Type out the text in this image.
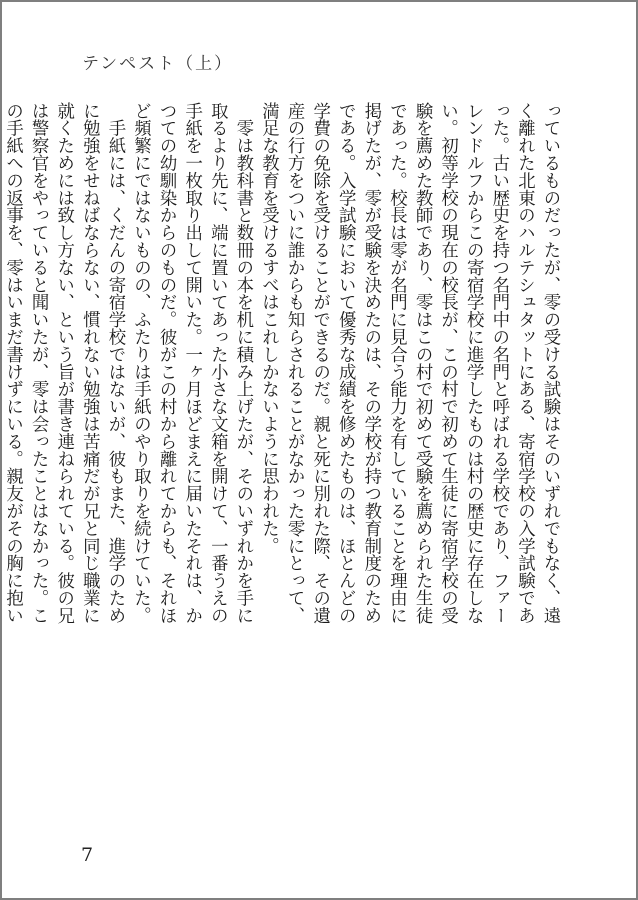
テンペスト（上）

っているものだったが、零の受ける試験はそのいずれでもなく、遠く離れた北東のハルテシュタットにある、寄宿学校の入学試験であった。古い歴史を持つ名門中の名門と呼ばれる学校であり、ファーレンドルフからこの寄宿学校に進学したものは村の歴史に存在しない。初等学校の現在の校長が、この村で初めて生徒に寄宿学校の受験を薦めた教師であり、零はこの村で初めて受験を薦められた生徒であった。校長は零が名門に見合う能力を有していることを理由に掲げたが、零が受験を決めたのは、その学校が持つ教育制度のためである。入学試験において優秀な成績を修めたものは、ほとんどの学費の免除を受けることができるのだ。親と死に別れた際、その遺産の行方をついに誰からも知らされることがなかった零にとって、満足な教育を受けるすべはこれしかないように思われた。

　零は教科書と数冊の本を机に積み上げたが、そのいずれかを手に取るより先に、端に置いてあった小さな文箱を開けて、一番うえの手紙を一枚取り出して開いた。一ヶ月ほどまえに届いたそれは、かつての幼馴染からのものだ。彼がこの村から離れてからも、それほど頻繁にではないものの、ふたりは手紙のやり取りを続けていた。

　手紙には、くだんの寄宿学校ではないが、彼もまた、進学のために勉強をせねばならない、慣れない勉強は苦痛だが兄と同じ職業に就くためには致し方ない、という旨が書き連ねられている。彼の兄は警察官をやっていると聞いたが、零は会ったことはなかった。この手紙への返事を、零はいまだ書けずにいる。親友がその胸に抱い

7
